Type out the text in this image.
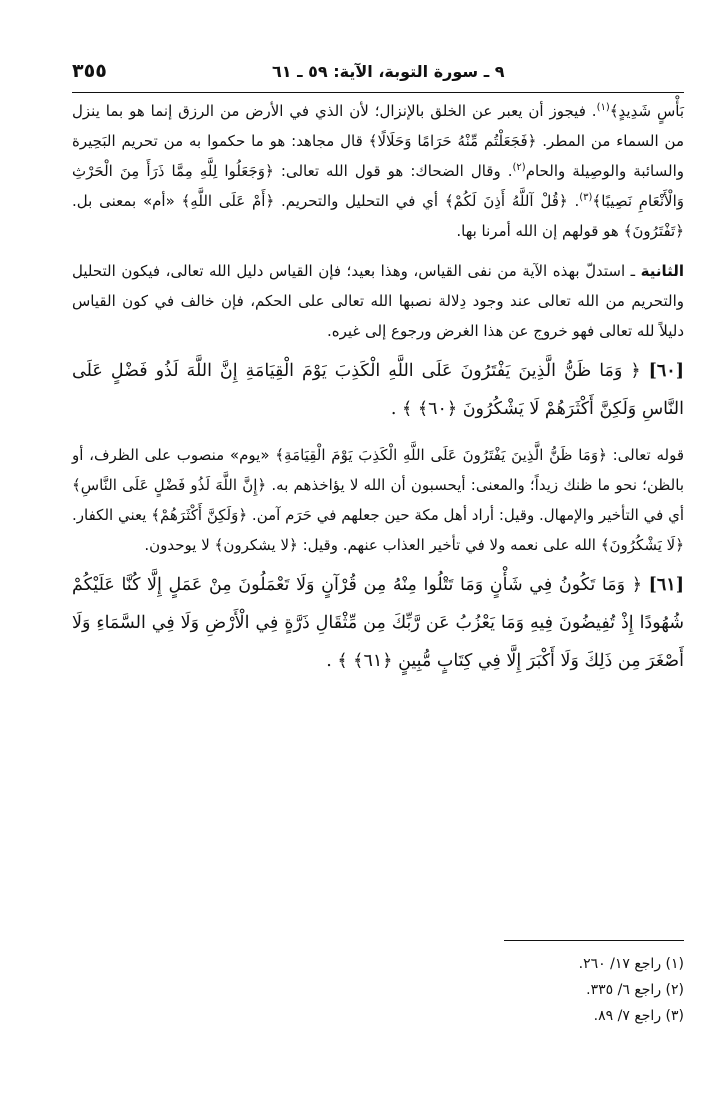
٩ ـ سورة التوبة، الآية: ٥٩ ـ ٦١
٣٥٥

بَأْسٍ شَدِيدٍ﴾$^{(١)}$. فيجوز أن يعبر عن الخلق بالإنزال؛ لأن الذي في الأرض من الرزق إنما هو بما ينزل من السماء من المطر. ﴿فَجَعَلْتُم مِّنْهُ حَرَامًا وَحَلَالًا﴾ قال مجاهد: هو ما حكموا به من تحريم البَحِيرة والسائبة والوصِيلة والحام$^{(٢)}$. وقال الضحاك: هو قول الله تعالى: ﴿وَجَعَلُوا لِلَّهِ مِمَّا ذَرَأَ مِنَ الْحَرْثِ وَالْأَنْعَامِ نَصِيبًا﴾$^{(٣)}$. ﴿قُلْ آللَّهُ أَذِنَ لَكُمْ﴾ أي في التحليل والتحريم. ﴿أَمْ عَلَى اللَّهِ﴾ «أم» بمعنى بل. ﴿تَفْتَرُونَ﴾ هو قولهم إن الله أمرنا بها.

الثانية ـ استدلّ بهذه الآية من نفى القياس، وهذا بعيد؛ فإن القياس دليل الله تعالى، فيكون التحليل والتحريم من الله تعالى عند وجود دِلالة نصبها الله تعالى على الحكم، فإن خالف في كون القياس دليلاً لله تعالى فهو خروج عن هذا الغرض ورجوع إلى غيره.

[٦٠] ﴿ وَمَا ظَنُّ الَّذِينَ يَفْتَرُونَ عَلَى اللَّهِ الْكَذِبَ يَوْمَ الْقِيَامَةِ إِنَّ اللَّهَ لَذُو فَضْلٍ عَلَى النَّاسِ وَلَكِنَّ أَكْثَرَهُمْ لَا يَشْكُرُونَ ﴿٦٠﴾ ﴾ .

قوله تعالى: ﴿وَمَا ظَنُّ الَّذِينَ يَفْتَرُونَ عَلَى اللَّهِ الْكَذِبَ يَوْمَ الْقِيَامَةِ﴾ «يوم» منصوب على الظرف، أو بالظن؛ نحو ما ظنك زيداً؛ والمعنى: أيحسبون أن الله لا يؤاخذهم به. ﴿إِنَّ اللَّهَ لَذُو فَضْلٍ عَلَى النَّاسِ﴾ أي في التأخير والإمهال. وقيل: أراد أهل مكة حين جعلهم في حَرَم آمن. ﴿وَلَكِنَّ أَكْثَرَهُمْ﴾ يعني الكفار. ﴿لَا يَشْكُرُونَ﴾ الله على نعمه ولا في تأخير العذاب عنهم. وقيل: ﴿لا يشكرون﴾ لا يوحدون.

[٦١] ﴿ وَمَا تَكُونُ فِي شَأْنٍ وَمَا تَتْلُوا مِنْهُ مِن قُرْآنٍ وَلَا تَعْمَلُونَ مِنْ عَمَلٍ إِلَّا كُنَّا عَلَيْكُمْ شُهُودًا إِذْ تُفِيضُونَ فِيهِ وَمَا يَعْزُبُ عَن رَّبِّكَ مِن مِّثْقَالِ ذَرَّةٍ فِي الْأَرْضِ وَلَا فِي السَّمَاءِ وَلَا أَصْغَرَ مِن ذَلِكَ وَلَا أَكْبَرَ إِلَّا فِي كِتَابٍ مُّبِينٍ ﴿٦١﴾ ﴾ .

(١) راجع ١٧/ ٢٦٠.
(٢) راجع ٦/ ٣٣٥.
(٣) راجع ٧/ ٨٩.
